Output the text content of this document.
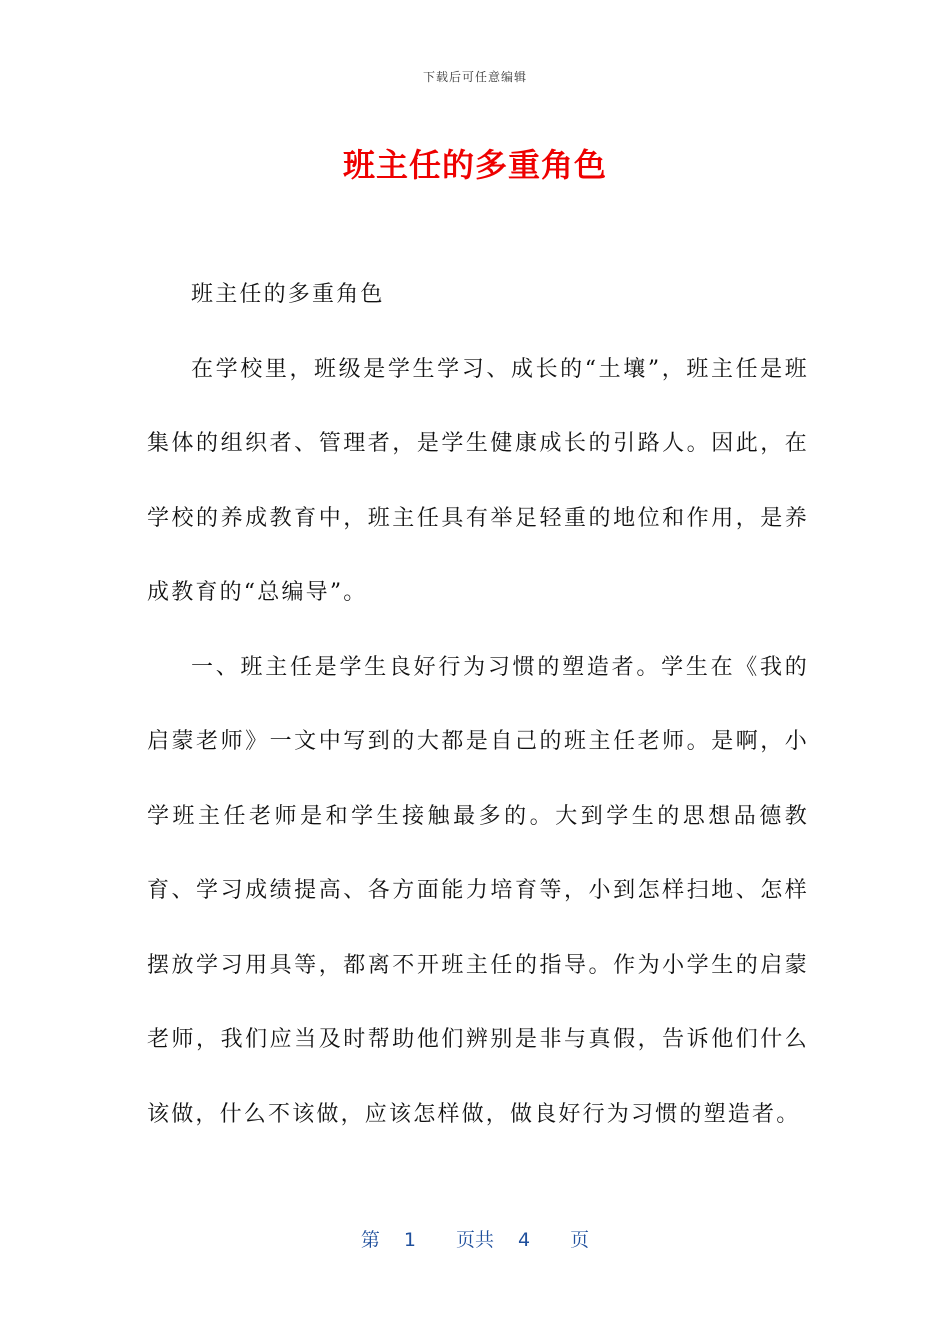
下载后可任意编辑
班主任的多重角色

班主任的多重角色

在学校里，班级是学生学习、成长的“土壤”，班主任是班集体的组织者、管理者，是学生健康成长的引路人。因此，在学校的养成教育中，班主任具有举足轻重的地位和作用，是养成教育的“总编导”。

一、班主任是学生良好行为习惯的塑造者。学生在《我的启蒙老师》一文中写到的大都是自己的班主任老师。是啊，小学班主任老师是和学生接触最多的。大到学生的思想品德教育、学习成绩提高、各方面能力培育等，小到怎样扫地、怎样摆放学习用具等，都离不开班主任的指导。作为小学生的启蒙老师，我们应当及时帮助他们辨别是非与真假，告诉他们什么该做，什么不该做，应该怎样做，做良好行为习惯的塑造者。

第 1 页共 4 页
